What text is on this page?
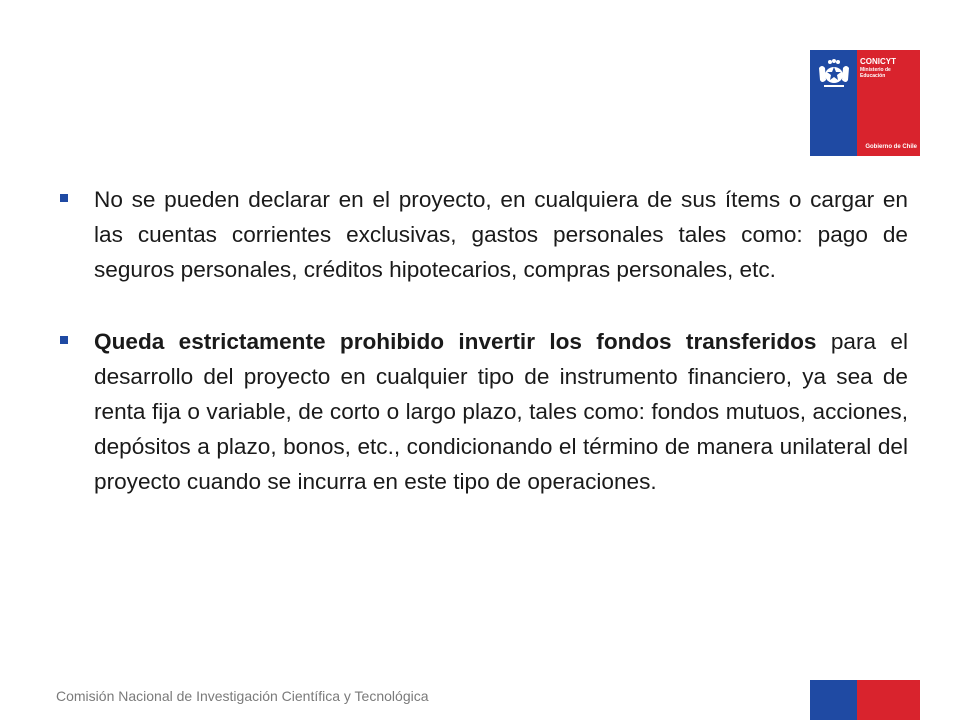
CONICYT
Ministerio de
Educación
Gobierno de Chile
No se pueden declarar en el proyecto, en cualquiera de sus ítems o cargar en las cuentas corrientes exclusivas, gastos personales tales como: pago de seguros personales, créditos hipotecarios, compras personales, etc.
Queda estrictamente prohibido invertir los fondos transferidos para el desarrollo del proyecto en cualquier tipo de instrumento financiero, ya sea de renta fija o variable, de corto o largo plazo, tales como: fondos mutuos, acciones, depósitos a plazo, bonos, etc., condicionando el término de manera unilateral del proyecto cuando se incurra en este tipo de operaciones.
Comisión Nacional de Investigación Científica y Tecnológica
